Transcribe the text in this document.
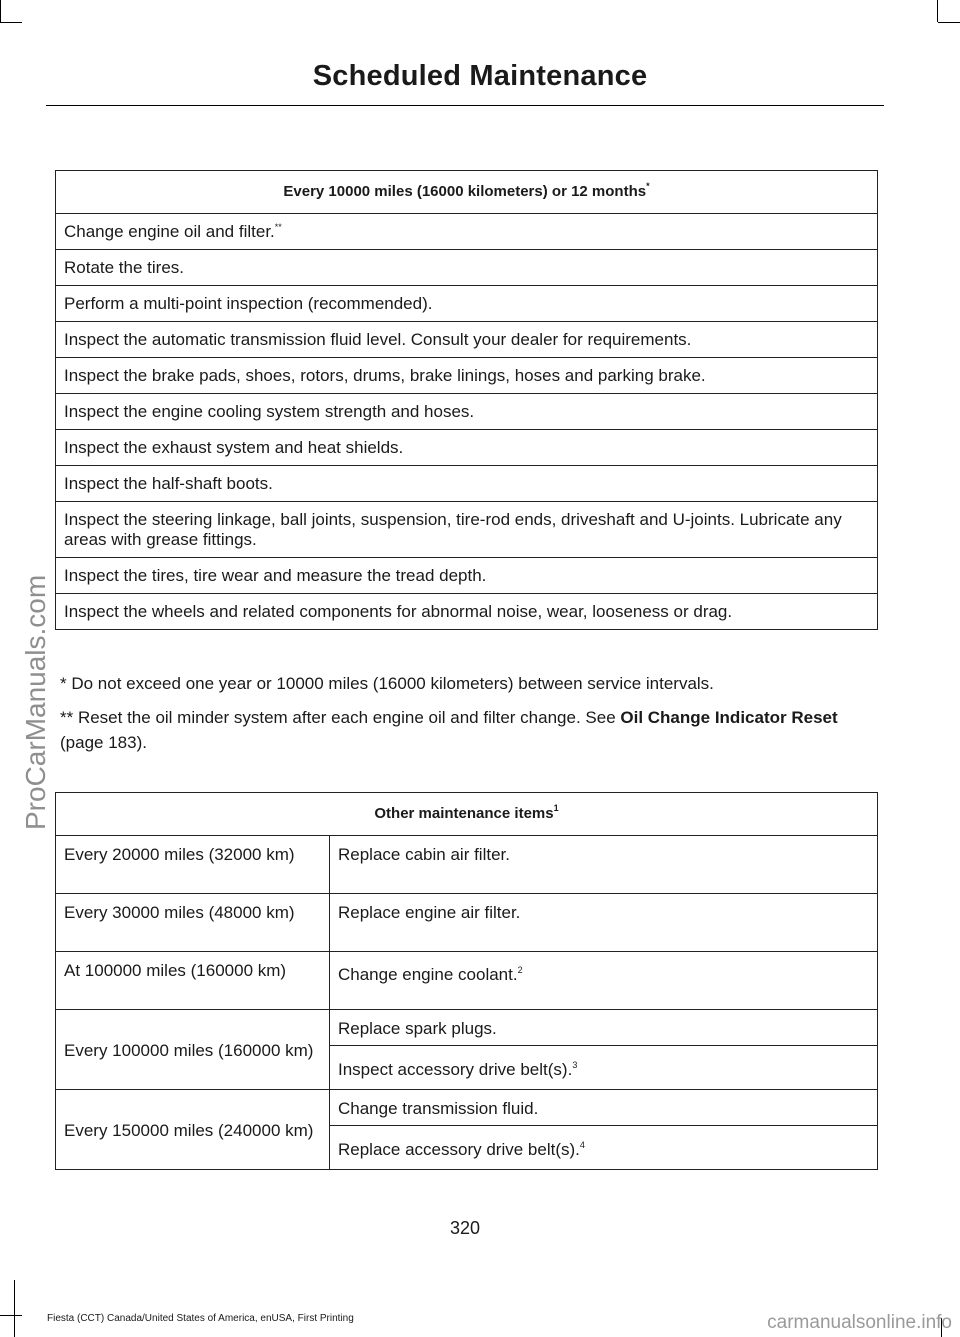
Scheduled Maintenance
ProCarManuals.com
Every 10000 miles (16000 kilometers) or 12 months*
Change engine oil and filter.**
Rotate the tires.
Perform a multi-point inspection (recommended).
Inspect the automatic transmission fluid level. Consult your dealer for requirements.
Inspect the brake pads, shoes, rotors, drums, brake linings, hoses and parking brake.
Inspect the engine cooling system strength and hoses.
Inspect the exhaust system and heat shields.
Inspect the half-shaft boots.
Inspect the steering linkage, ball joints, suspension, tire-rod ends, driveshaft and U-joints. Lubricate any areas with grease fittings.
Inspect the tires, tire wear and measure the tread depth.
Inspect the wheels and related components for abnormal noise, wear, looseness or drag.
* Do not exceed one year or 10000 miles (16000 kilometers) between service intervals.
** Reset the oil minder system after each engine oil and filter change. See Oil Change Indicator Reset (page 183).
Other maintenance items$^1$
Every 20000 miles (32000 km)	Replace cabin air filter.
Every 30000 miles (48000 km)	Replace engine air filter.
At 100000 miles (160000 km)	Change engine coolant.$^2$
Every 100000 miles (160000 km)	Replace spark plugs.
	Inspect accessory drive belt(s).$^3$
Every 150000 miles (240000 km)	Change transmission fluid.
	Replace accessory drive belt(s).$^4$
320
Fiesta (CCT) Canada/United States of America, enUSA, First Printing	carmanualsonline.info
